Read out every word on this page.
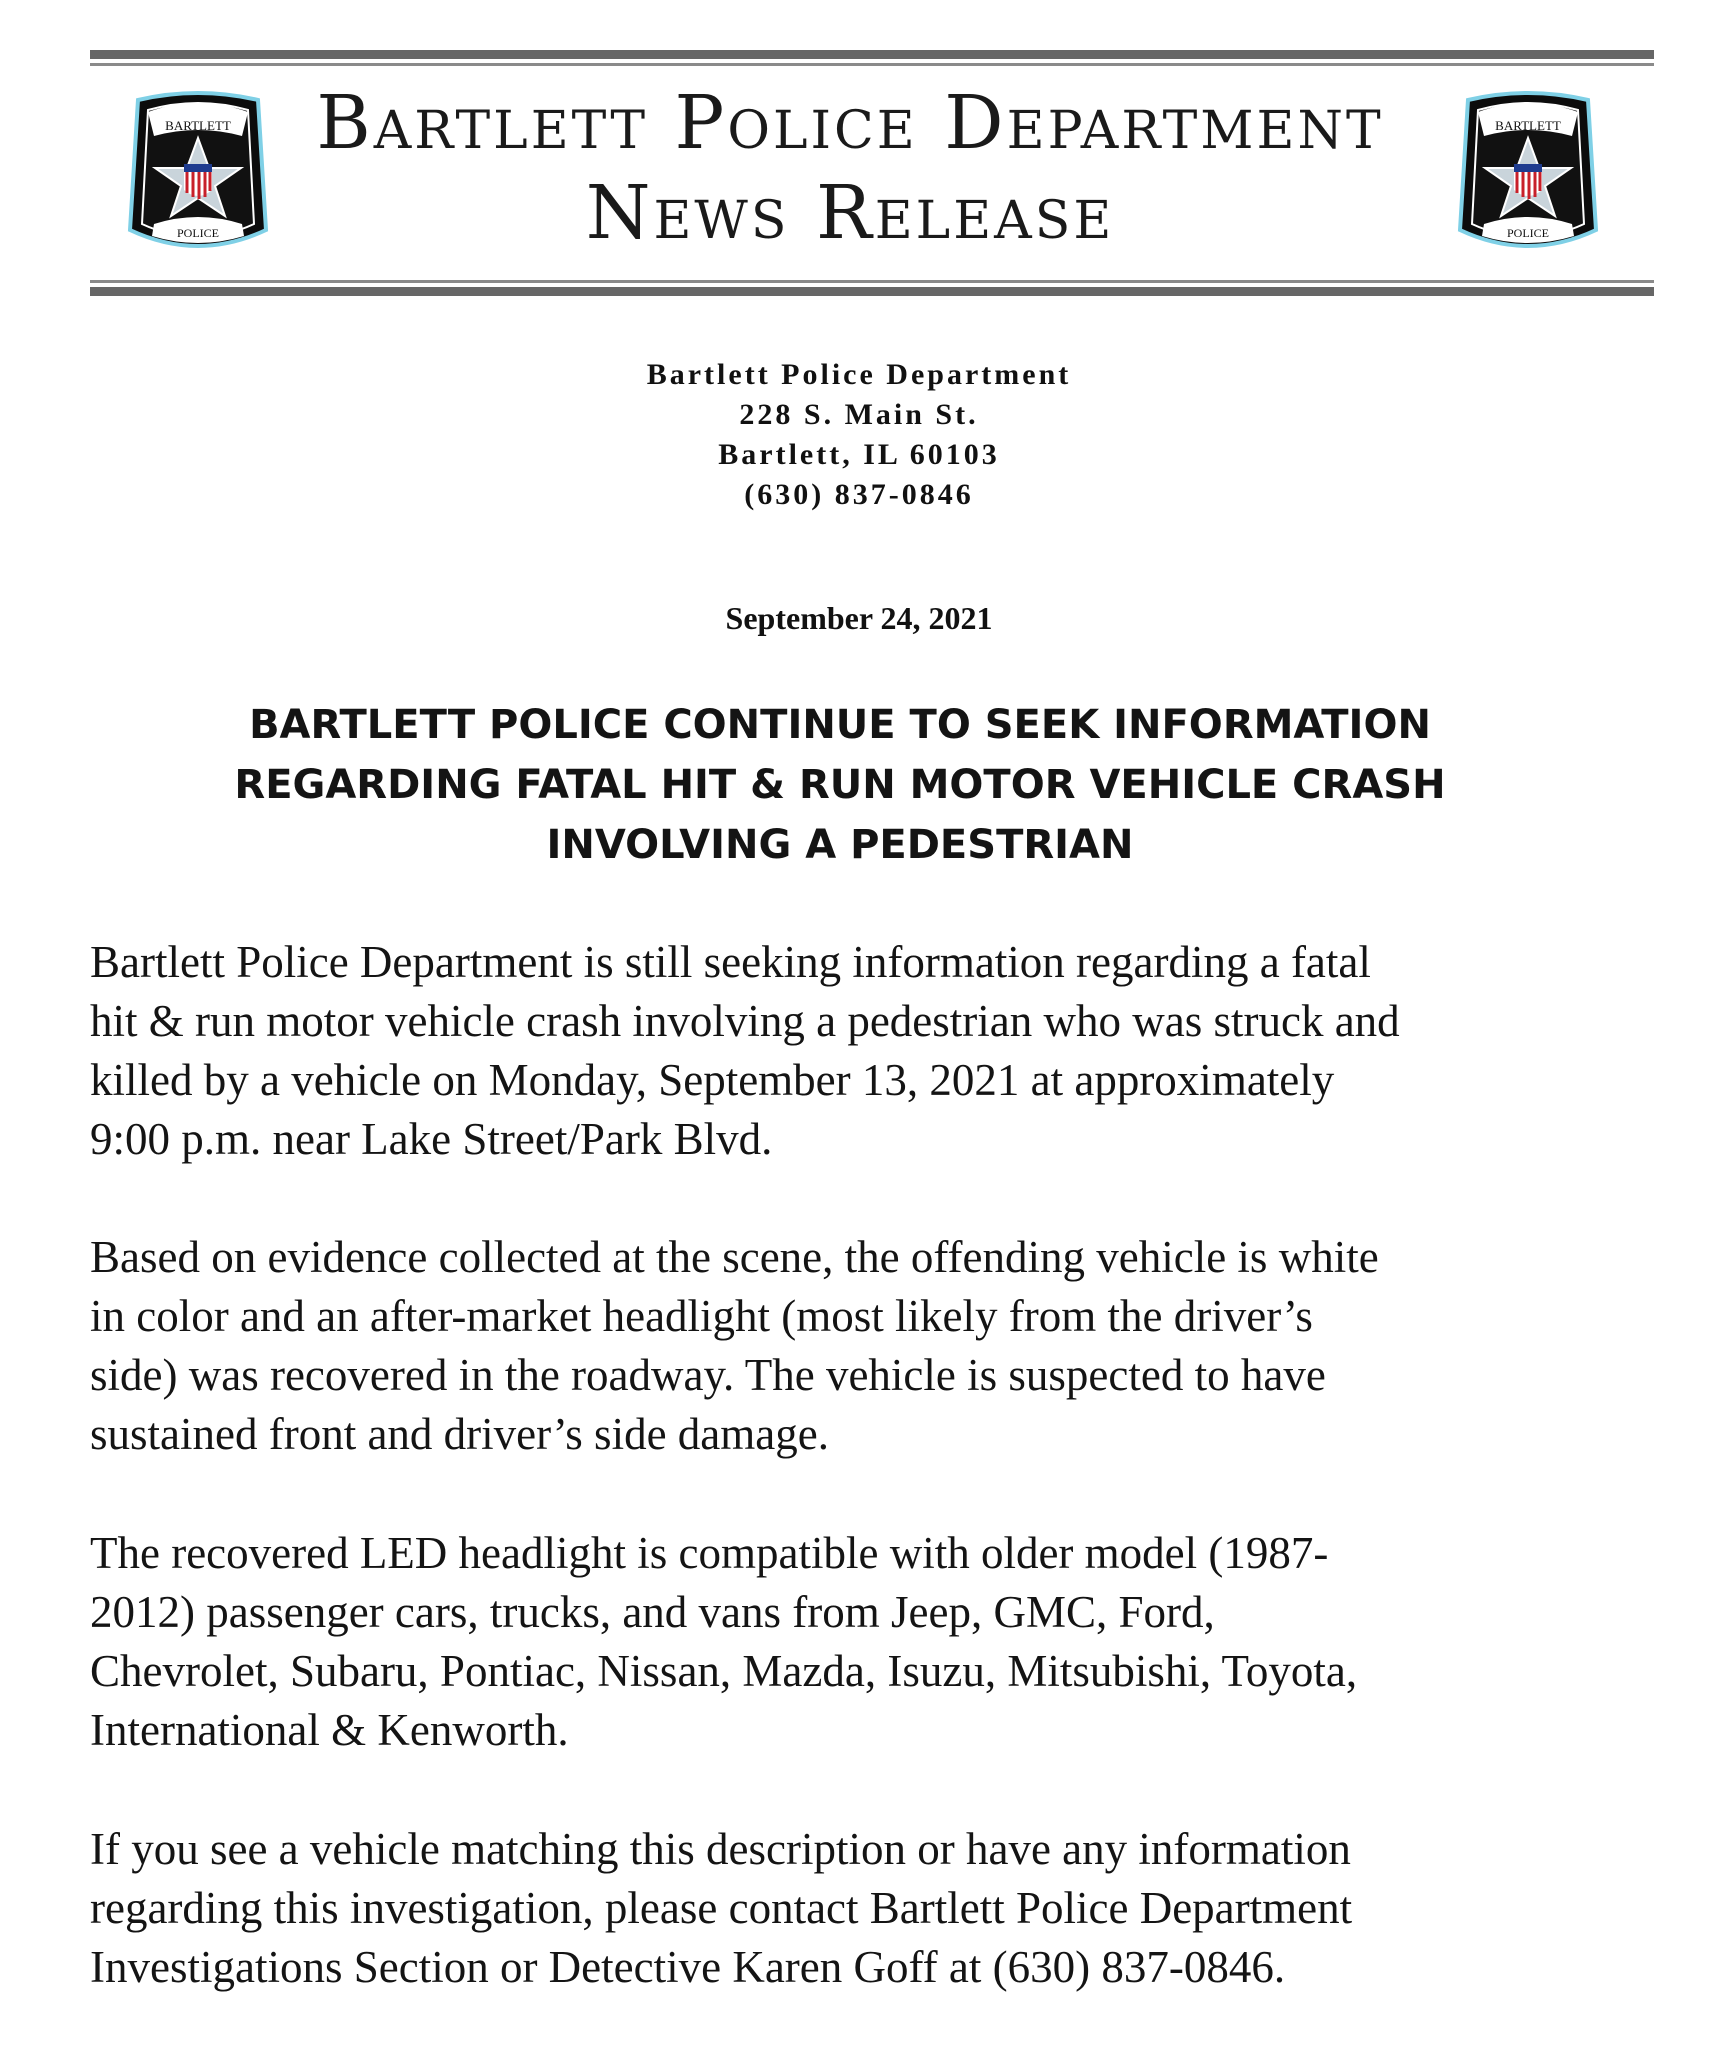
BARTLETT
POLICE
Bartlett Police Department
News Release
BARTLETT
POLICE
Bartlett Police Department
228 S. Main St.
Bartlett, IL 60103
(630) 837-0846
September 24, 2021
BARTLETT POLICE CONTINUE TO SEEK INFORMATION
REGARDING FATAL HIT & RUN MOTOR VEHICLE CRASH
INVOLVING A PEDESTRIAN
Bartlett Police Department is still seeking information regarding a fatal
hit & run motor vehicle crash involving a pedestrian who was struck and
killed by a vehicle on Monday, September 13, 2021 at approximately
9:00 p.m. near Lake Street/Park Blvd.
Based on evidence collected at the scene, the offending vehicle is white
in color and an after-market headlight (most likely from the driver’s
side) was recovered in the roadway. The vehicle is suspected to have
sustained front and driver’s side damage.
The recovered LED headlight is compatible with older model (1987-
2012) passenger cars, trucks, and vans from Jeep, GMC, Ford,
Chevrolet, Subaru, Pontiac, Nissan, Mazda, Isuzu, Mitsubishi, Toyota,
International & Kenworth.
If you see a vehicle matching this description or have any information
regarding this investigation, please contact Bartlett Police Department
Investigations Section or Detective Karen Goff at (630) 837-0846.
